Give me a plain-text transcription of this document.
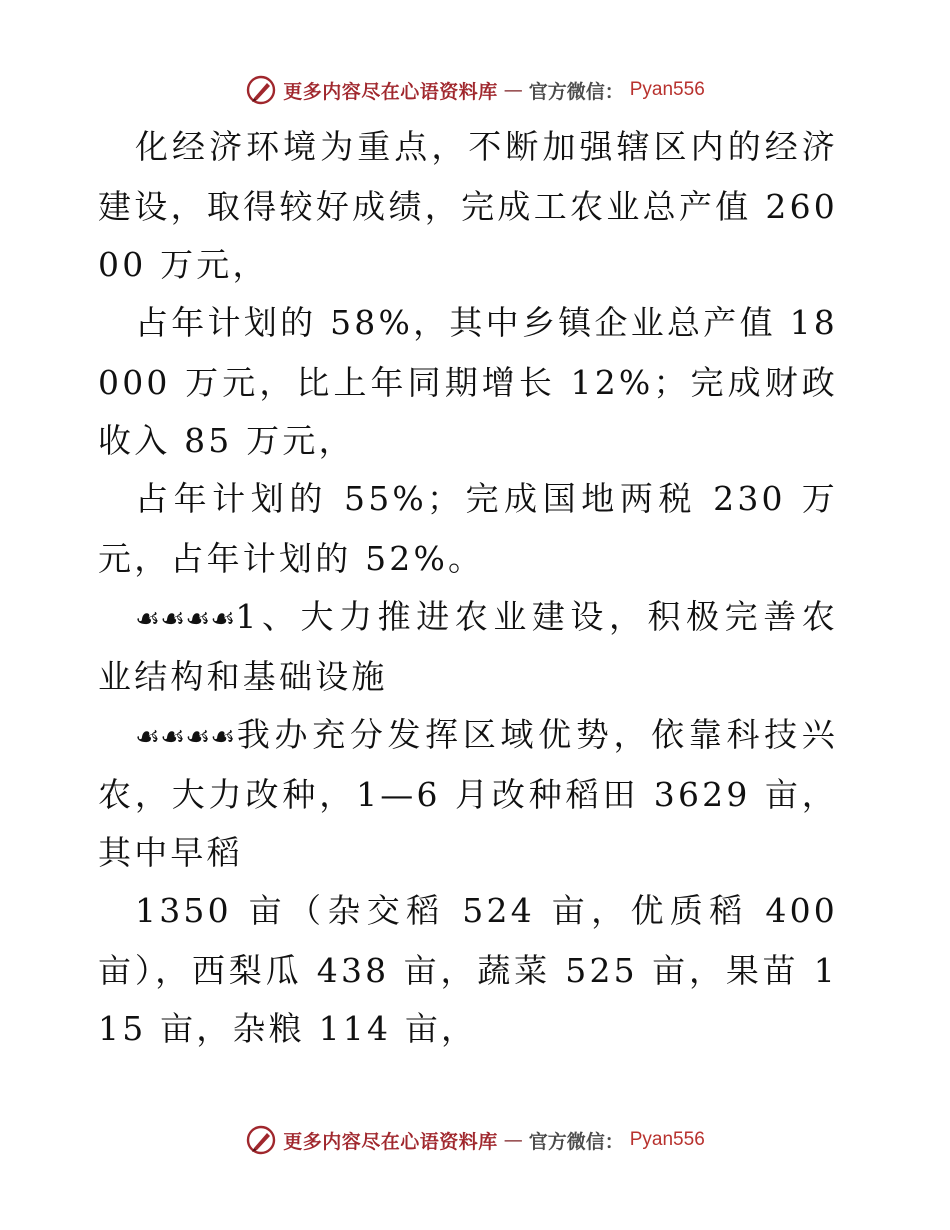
更多内容尽在心语资料库 — 官方微信： Pyan556

化经济环境为重点，不断加强辖区内的经济建设，取得较好成绩，完成工农业总产值 26000 万元，

占年计划的 58%，其中乡镇企业总产值 18000 万元，比上年同期增长 12%；完成财政收入 85 万元，

占年计划的 55%；完成国地两税 230 万元，占年计划的 52%。

☙☙☙☙1、大力推进农业建设，积极完善农业结构和基础设施

☙☙☙☙我办充分发挥区域优势，依靠科技兴农，大力改种，1—6 月改种稻田 3629 亩，其中早稻

1350 亩（杂交稻 524 亩，优质稻 400 亩），西梨瓜 438 亩，蔬菜 525 亩，果苗 115 亩，杂粮 114 亩，

更多内容尽在心语资料库 — 官方微信： Pyan556
